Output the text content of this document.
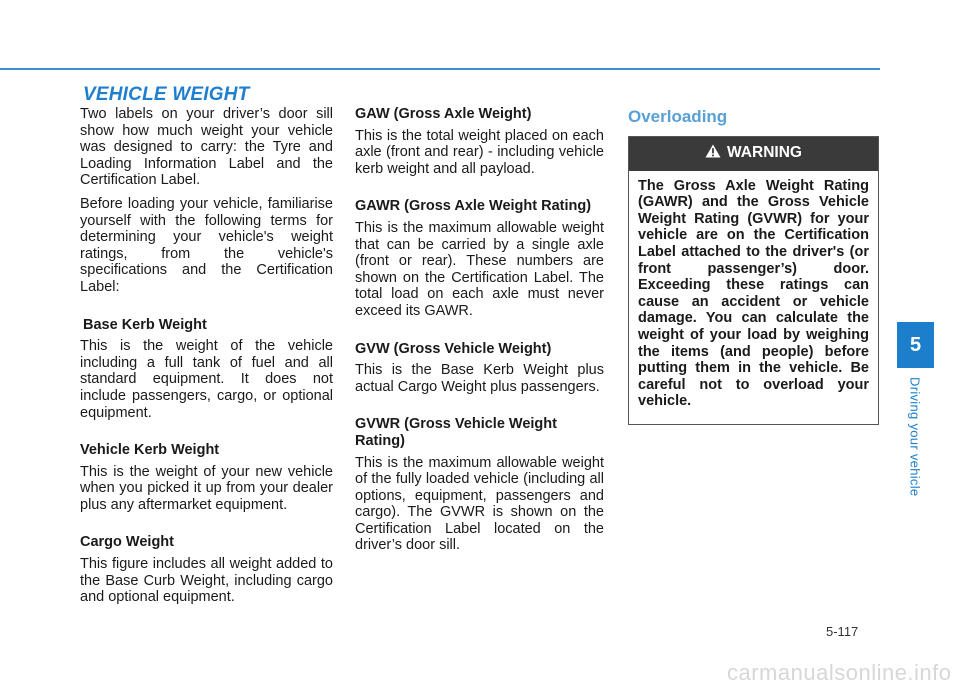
VEHICLE WEIGHT

Two labels on your driver’s door sill show how much weight your vehicle was designed to carry: the Tyre and Loading Information Label and the Certification Label.

Before loading your vehicle, familiarise yourself with the following terms for determining your vehicle's weight ratings, from the vehicle's specifications and the Certification Label:

Base Kerb Weight

This is the weight of the vehicle including a full tank of fuel and all standard equipment. It does not include passengers, cargo, or optional equipment.

Vehicle Kerb Weight

This is the weight of your new vehicle when you picked it up from your dealer plus any aftermarket equipment.

Cargo Weight

This figure includes all weight added to the Base Curb Weight, including cargo and optional equipment.

GAW (Gross Axle Weight)

This is the total weight placed on each axle (front and rear) - including vehicle kerb weight and all payload.

GAWR (Gross Axle Weight Rating)

This is the maximum allowable weight that can be carried by a single axle (front or rear). These numbers are shown on the Certification Label. The total load on each axle must never exceed its GAWR.

GVW (Gross Vehicle Weight)

This is the Base Kerb Weight plus actual Cargo Weight plus passengers.

GVWR (Gross Vehicle Weight Rating)

This is the maximum allowable weight of the fully loaded vehicle (including all options, equipment, passengers and cargo). The GVWR is shown on the Certification Label located on the driver’s door sill.

Overloading
WARNING

The Gross Axle Weight Rating (GAWR) and the Gross Vehicle Weight Rating (GVWR) for your vehicle are on the Certification Label attached to the driver's (or front passenger’s) door. Exceeding these ratings can cause an accident or vehicle damage. You can calculate the weight of your load by weighing the items (and people) before putting them in the vehicle. Be careful not to overload your vehicle.

5
Driving your vehicle
5-117
carmanualsonline.info
